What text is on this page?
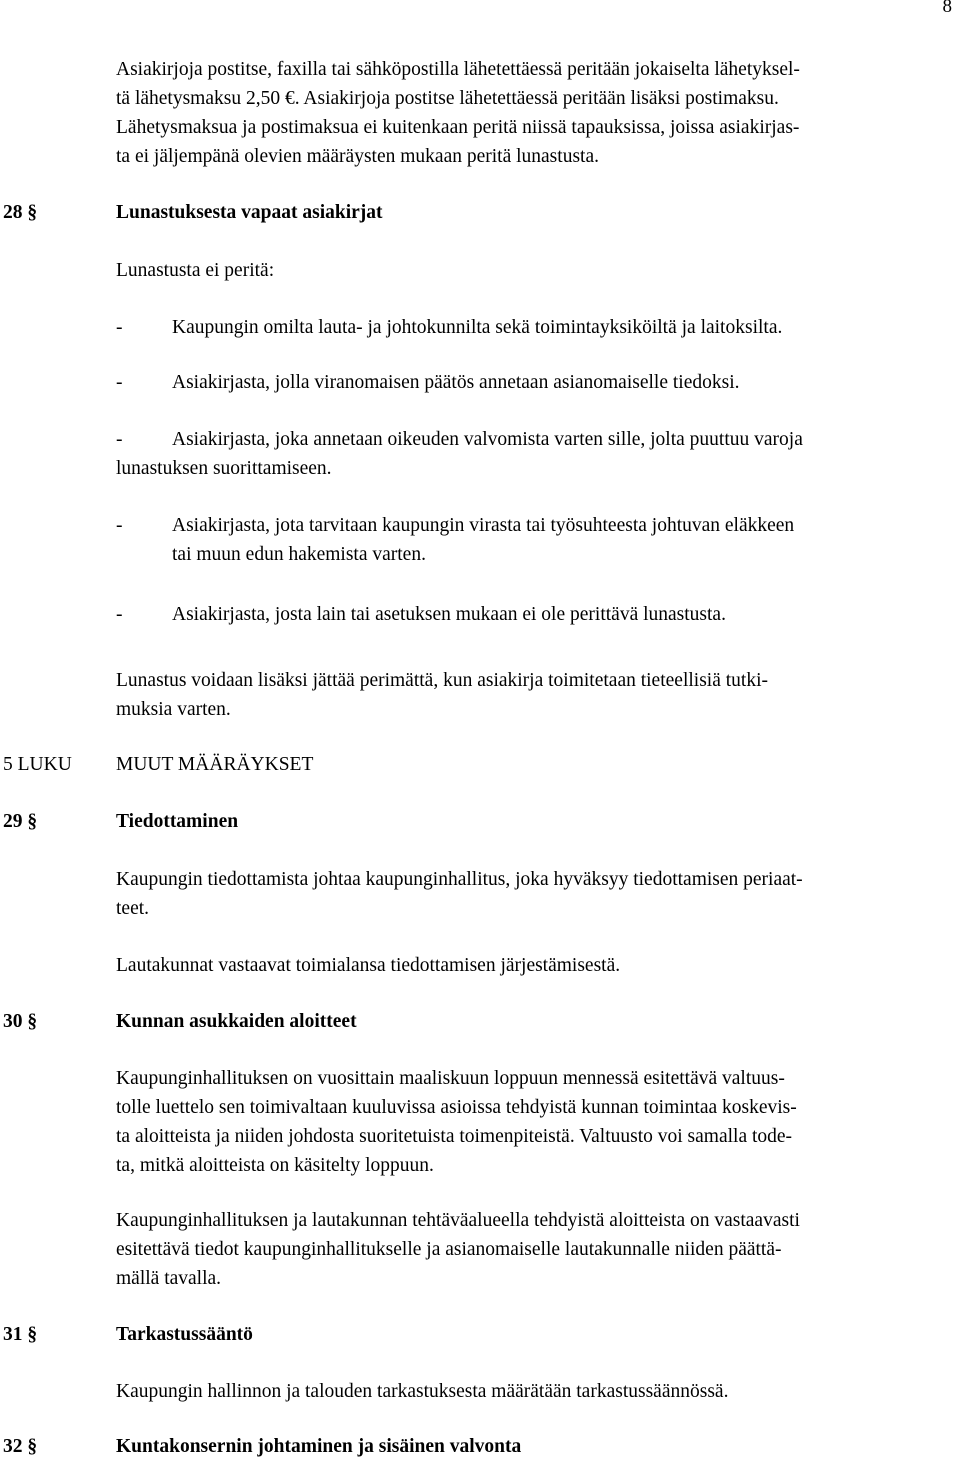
8
Asiakirjoja postitse, faxilla tai sähköpostilla lähetettäessä peritään jokaiselta lähetyksel-
tä lähetysmaksu 2,50 €. Asiakirjoja postitse lähetettäessä peritään lisäksi postimaksu.
Lähetysmaksua ja postimaksua ei kuitenkaan peritä niissä tapauksissa, joissa asiakirjas-
ta ei jäljempänä olevien määräysten mukaan peritä lunastusta.
28 §	Lunastuksesta vapaat asiakirjat
Lunastusta ei peritä:
-	Kaupungin omilta lauta- ja johtokunnilta sekä toimintayksiköiltä ja laitoksilta.
-	Asiakirjasta, jolla viranomaisen päätös annetaan asianomaiselle tiedoksi.
-	Asiakirjasta, joka annetaan oikeuden valvomista varten sille, jolta puuttuu varoja
lunastuksen suorittamiseen.
-	Asiakirjasta, jota tarvitaan kaupungin virasta tai työsuhteesta johtuvan eläkkeen
tai muun edun hakemista varten.
-	Asiakirjasta, josta lain tai asetuksen mukaan ei ole perittävä lunastusta.
Lunastus voidaan lisäksi jättää perimättä, kun asiakirja toimitetaan tieteellisiä tutki-
muksia varten.
5 LUKU MUUT MÄÄRÄYKSET
29 §	Tiedottaminen
Kaupungin tiedottamista johtaa kaupunginhallitus, joka hyväksyy tiedottamisen periaat-
teet.
Lautakunnat vastaavat toimialansa tiedottamisen järjestämisestä.
30 §	Kunnan asukkaiden aloitteet
Kaupunginhallituksen on vuosittain maaliskuun loppuun mennessä esitettävä valtuus-
tolle luettelo sen toimivaltaan kuuluvissa asioissa tehdyistä kunnan toimintaa koskevis-
ta aloitteista ja niiden johdosta suoritetuista toimenpiteistä. Valtuusto voi samalla tode-
ta, mitkä aloitteista on käsitelty loppuun.
Kaupunginhallituksen ja lautakunnan tehtäväalueella tehdyistä aloitteista on vastaavasti
esitettävä tiedot kaupunginhallitukselle ja asianomaiselle lautakunnalle niiden päättä-
mällä tavalla.
31 §	Tarkastussääntö
Kaupungin hallinnon ja talouden tarkastuksesta määrätään tarkastussäännössä.
32 §	Kuntakonsernin johtaminen ja sisäinen valvonta
